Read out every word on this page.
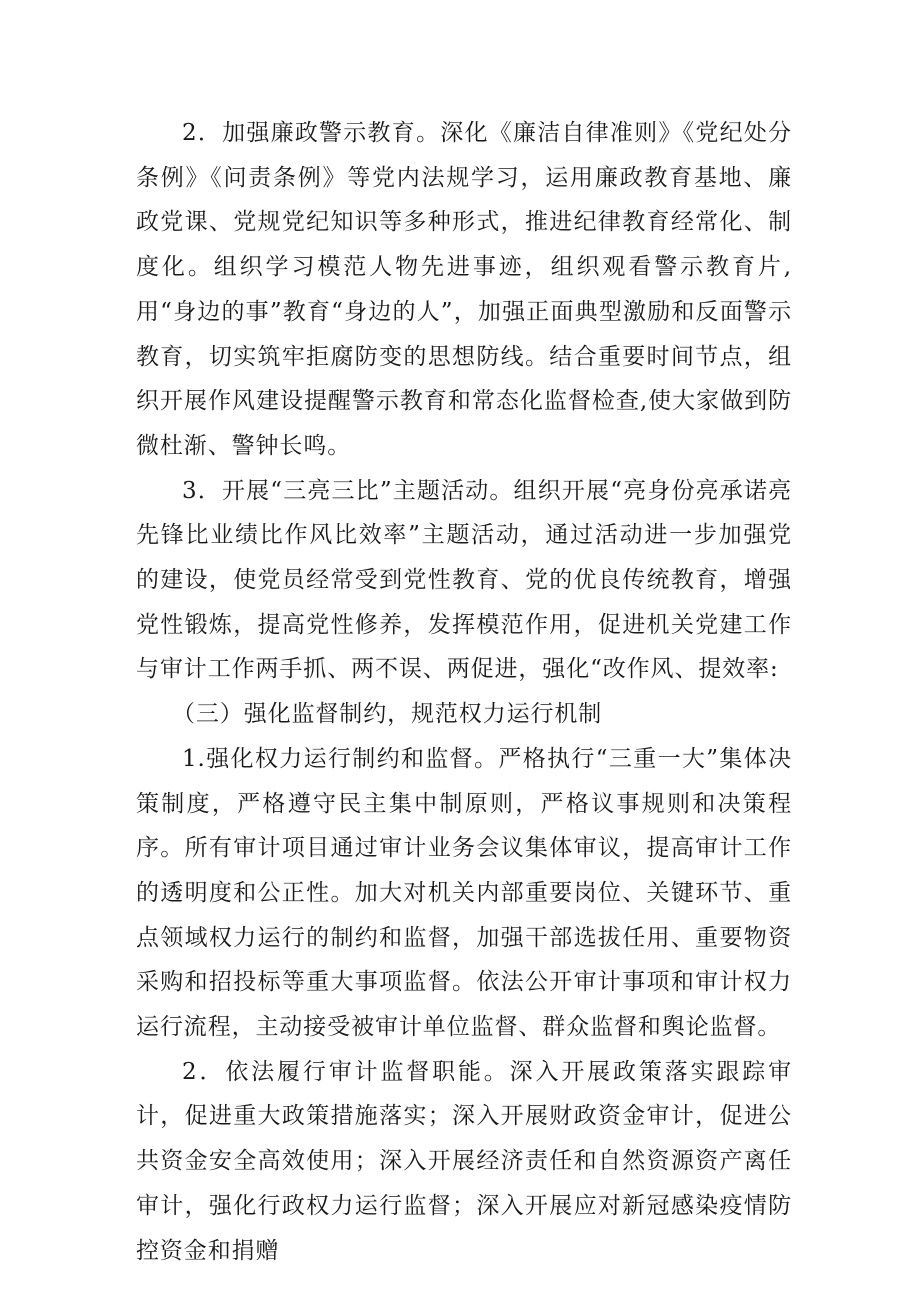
2．加强廉政警示教育。深化《廉洁自律准则》《党纪处分条例》《问责条例》等党内法规学习，运用廉政教育基地、廉政党课、党规党纪知识等多种形式，推进纪律教育经常化、制度化。组织学习模范人物先进事迹，组织观看警示教育片,用“身边的事”教育“身边的人”，加强正面典型激励和反面警示教育，切实筑牢拒腐防变的思想防线。结合重要时间节点，组织开展作风建设提醒警示教育和常态化监督检查,使大家做到防微杜渐、警钟长鸣。

3．开展“三亮三比”主题活动。组织开展“亮身份亮承诺亮先锋比业绩比作风比效率”主题活动，通过活动进一步加强党的建设，使党员经常受到党性教育、党的优良传统教育，增强党性锻炼，提高党性修养，发挥模范作用，促进机关党建工作与审计工作两手抓、两不误、两促进，强化“改作风、提效率:

（三）强化监督制约，规范权力运行机制

1.强化权力运行制约和监督。严格执行“三重一大”集体决策制度，严格遵守民主集中制原则，严格议事规则和决策程序。所有审计项目通过审计业务会议集体审议，提高审计工作的透明度和公正性。加大对机关内部重要岗位、关键环节、重点领域权力运行的制约和监督，加强干部选拔任用、重要物资采购和招投标等重大事项监督。依法公开审计事项和审计权力运行流程，主动接受被审计单位监督、群众监督和舆论监督。

2．依法履行审计监督职能。深入开展政策落实跟踪审计，促进重大政策措施落实；深入开展财政资金审计，促进公共资金安全高效使用；深入开展经济责任和自然资源资产离任审计，强化行政权力运行监督；深入开展应对新冠感染疫情防控资金和捐赠
